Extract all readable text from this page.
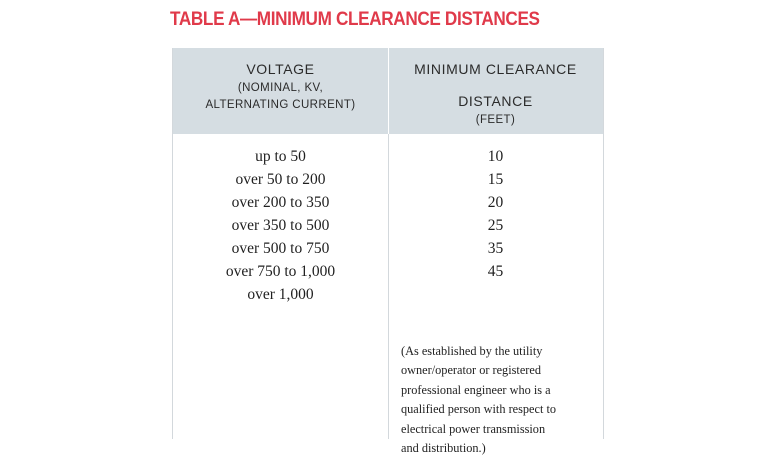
TABLE A—MINIMUM CLEARANCE DISTANCES
VOLTAGE
(NOMINAL, KV,
ALTERNATING CURRENT)
MINIMUM CLEARANCE
DISTANCE
(FEET)
up to 50
over 50 to 200
over 200 to 350
over 350 to 500
over 500 to 750
over 750 to 1,000
over 1,000
10
15
20
25
35
45
(As established by the utility
owner/operator or registered
professional engineer who is a
qualified person with respect to
electrical power transmission
and distribution.)
